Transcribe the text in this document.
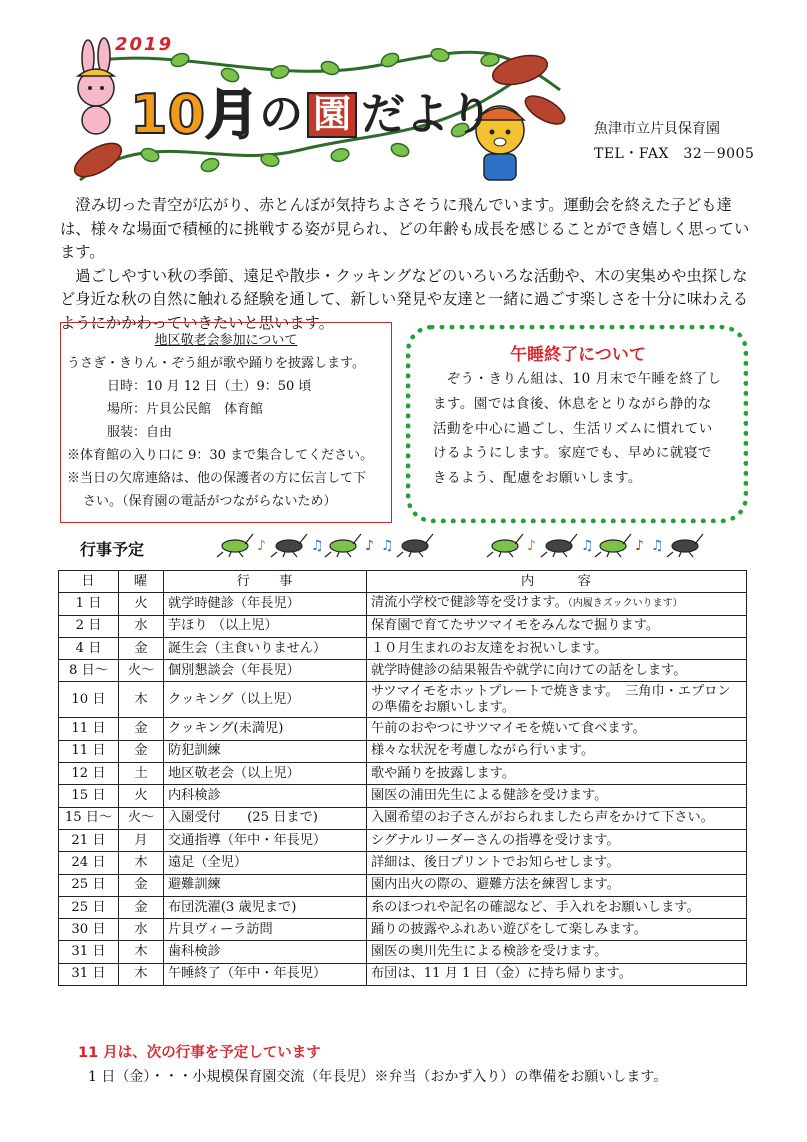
2019
10月 の 園 だより	魚津市立片貝保育園
TEL・FAX　32－9005

澄み切った青空が広がり、赤とんぼが気持ちよさそうに飛んでいます。運動会を終えた子ども達は、様々な場面で積極的に挑戦する姿が見られ、どの年齢も成長を感じることができ嬉しく思っています。

過ごしやすい秋の季節、遠足や散歩・クッキングなどのいろいろな活動や、木の実集めや虫探しなど身近な秋の自然に触れる経験を通して、新しい発見や友達と一緒に過ごす楽しさを十分に味わえるようにかかわっていきたいと思います。

地区敬老会参加について
うさぎ・きりん・ぞう組が歌や踊りを披露します。
日時：10 月 12 日（土）9：50 頃
場所：片貝公民館　体育館
服装：自由
※体育館の入り口に 9：30 まで集合してください。
※当日の欠席連絡は、他の保護者の方に伝言して下
さい。（保育園の電話がつながらないため）
午睡終了について
ぞう・きりん組は、10 月末で午睡を終了します。園では食後、休息をとりながら静的な活動を中心に過ごし、生活リズムに慣れていけるようにします。家庭でも、早めに就寝できるよう、配慮をお願いします。
行事予定	♪	♫	♪ ♫
日	曜	行　　事	内　　　容
1 日	火	就学時健診（年長児）	清流小学校で健診等を受けます。（内履きズックいります）
2 日	水	芋ほり （以上児）	保育園で育てたサツマイモをみんなで掘ります。
4 日	金	誕生会（主食いりません）	１０月生まれのお友達をお祝いします。
8 日～	火～	個別懇談会（年長児）	就学時健診の結果報告や就学に向けての話をします。
10 日	木	クッキング（以上児）	サツマイモをホットプレートで焼きます。　三角巾・エプロンの準備をお願いします。
11 日	金	クッキング(未満児)	午前のおやつにサツマイモを焼いて食べます。
11 日	金	防犯訓練	様々な状況を考慮しながら行います。
12 日	土	地区敬老会（以上児）	歌や踊りを披露します。
15 日	火	内科検診	園医の浦田先生による健診を受けます。
15 日～	火～	入園受付　　(25 日まで)	入園希望のお子さんがおられましたら声をかけて下さい。
21 日	月	交通指導（年中・年長児）	シグナルリーダーさんの指導を受けます。
24 日	木	遠足（全児）	詳細は、後日プリントでお知らせします。
25 日	金	避難訓練	園内出火の際の、避難方法を練習します。
25 日	金	布団洗濯(3 歳児まで)	糸のほつれや記名の確認など、手入れをお願いします。
30 日	水	片貝ヴィーラ訪問	踊りの披露やふれあい遊びをして楽しみます。
31 日	木	歯科検診	園医の奥川先生による検診を受けます。
31 日	木	午睡終了（年中・年長児）	布団は、11 月 1 日（金）に持ち帰ります。
11 月は、次の行事を予定しています
1 日（金）・・・小規模保育園交流（年長児）※弁当（おかず入り）の準備をお願いします。
